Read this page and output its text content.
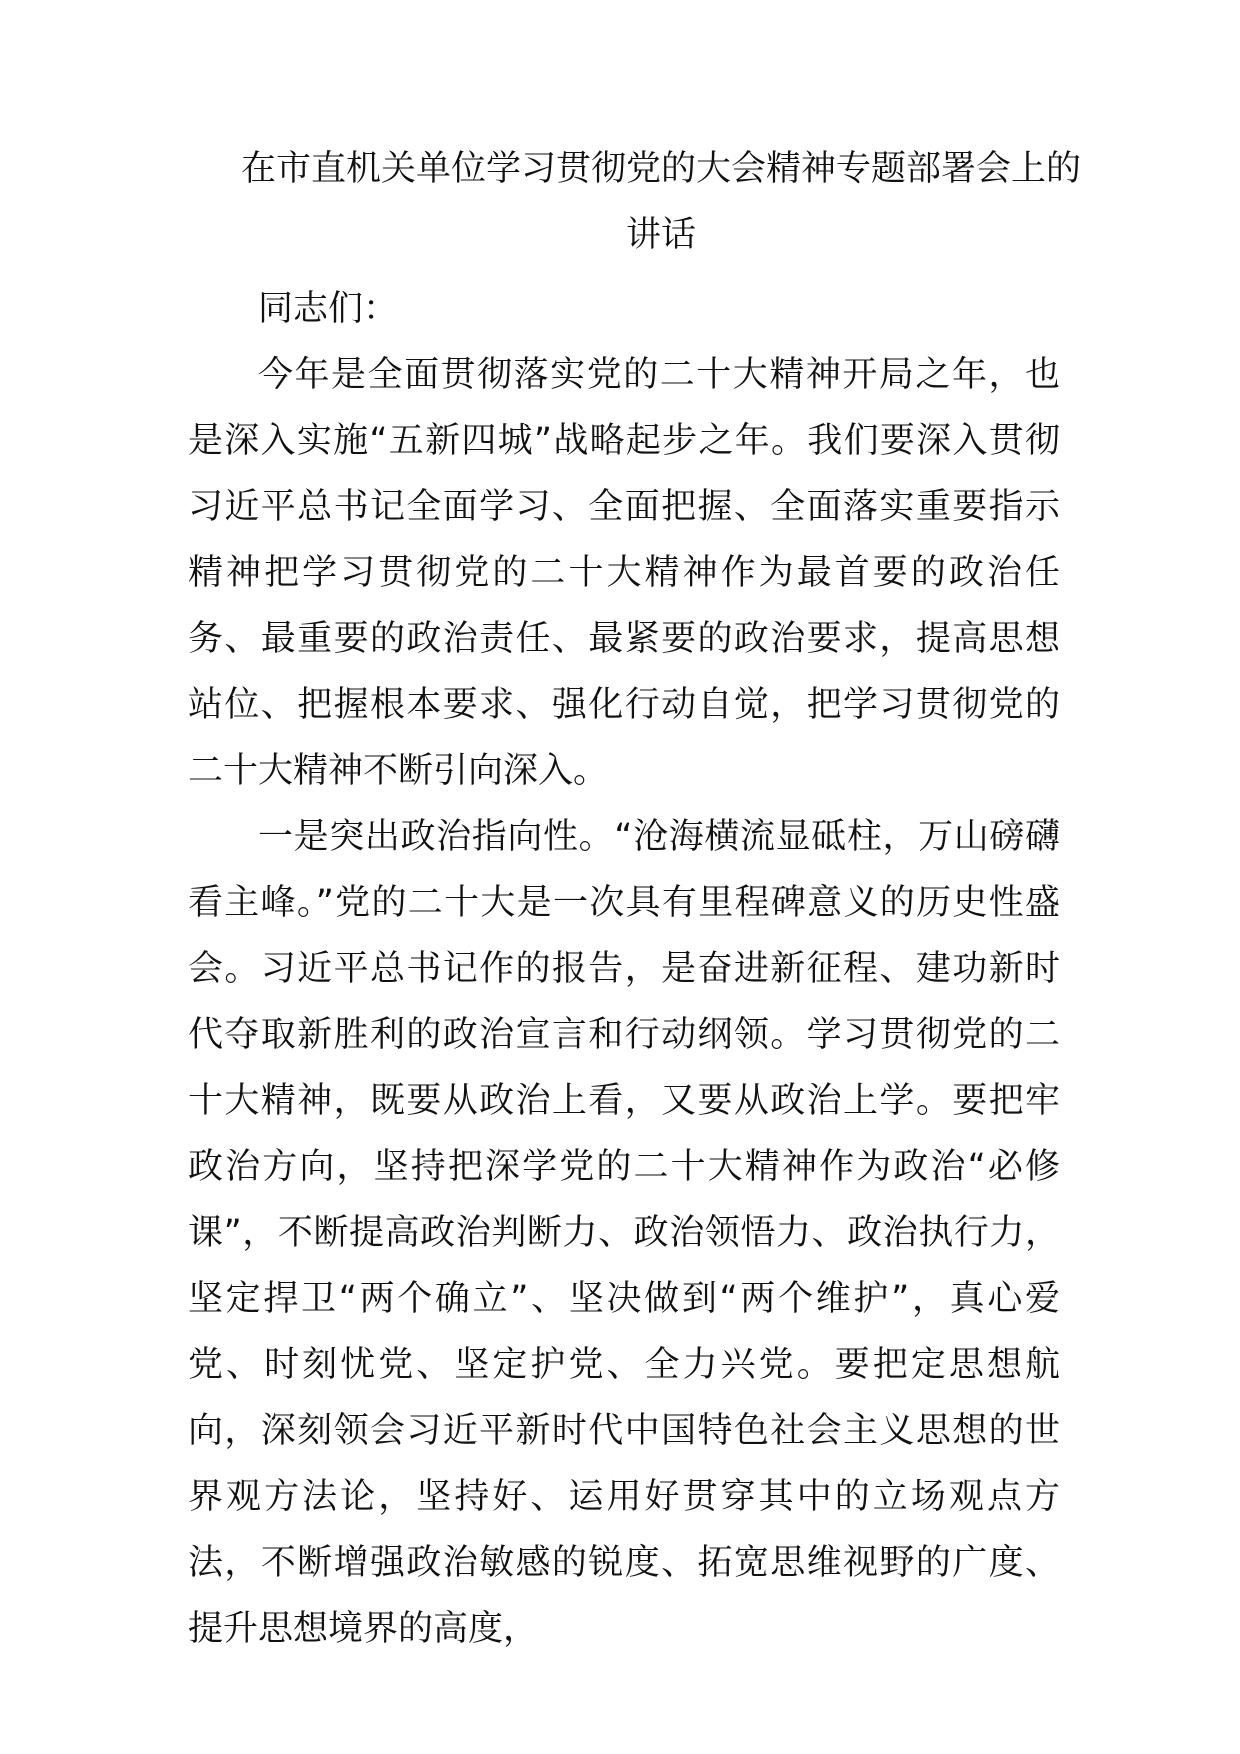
在市直机关单位学习贯彻党的大会精神专题部署会上的讲话

同志们：

今年是全面贯彻落实党的二十大精神开局之年，也是深入实施“五新四城”战略起步之年。我们要深入贯彻习近平总书记全面学习、全面把握、全面落实重要指示精神把学习贯彻党的二十大精神作为最首要的政治任务、最重要的政治责任、最紧要的政治要求，提高思想站位、把握根本要求、强化行动自觉，把学习贯彻党的二十大精神不断引向深入。

一是突出政治指向性。“沧海横流显砥柱，万山磅礴看主峰。”党的二十大是一次具有里程碑意义的历史性盛会。习近平总书记作的报告，是奋进新征程、建功新时代夺取新胜利的政治宣言和行动纲领。学习贯彻党的二十大精神，既要从政治上看，又要从政治上学。要把牢政治方向，坚持把深学党的二十大精神作为政治“必修课”，不断提高政治判断力、政治领悟力、政治执行力，坚定捍卫“两个确立”、坚决做到“两个维护”，真心爱党、时刻忧党、坚定护党、全力兴党。要把定思想航向，深刻领会习近平新时代中国特色社会主义思想的世界观方法论，坚持好、运用好贯穿其中的立场观点方法，不断增强政治敏感的锐度、拓宽思维视野的广度、提升思想境界的高度，
